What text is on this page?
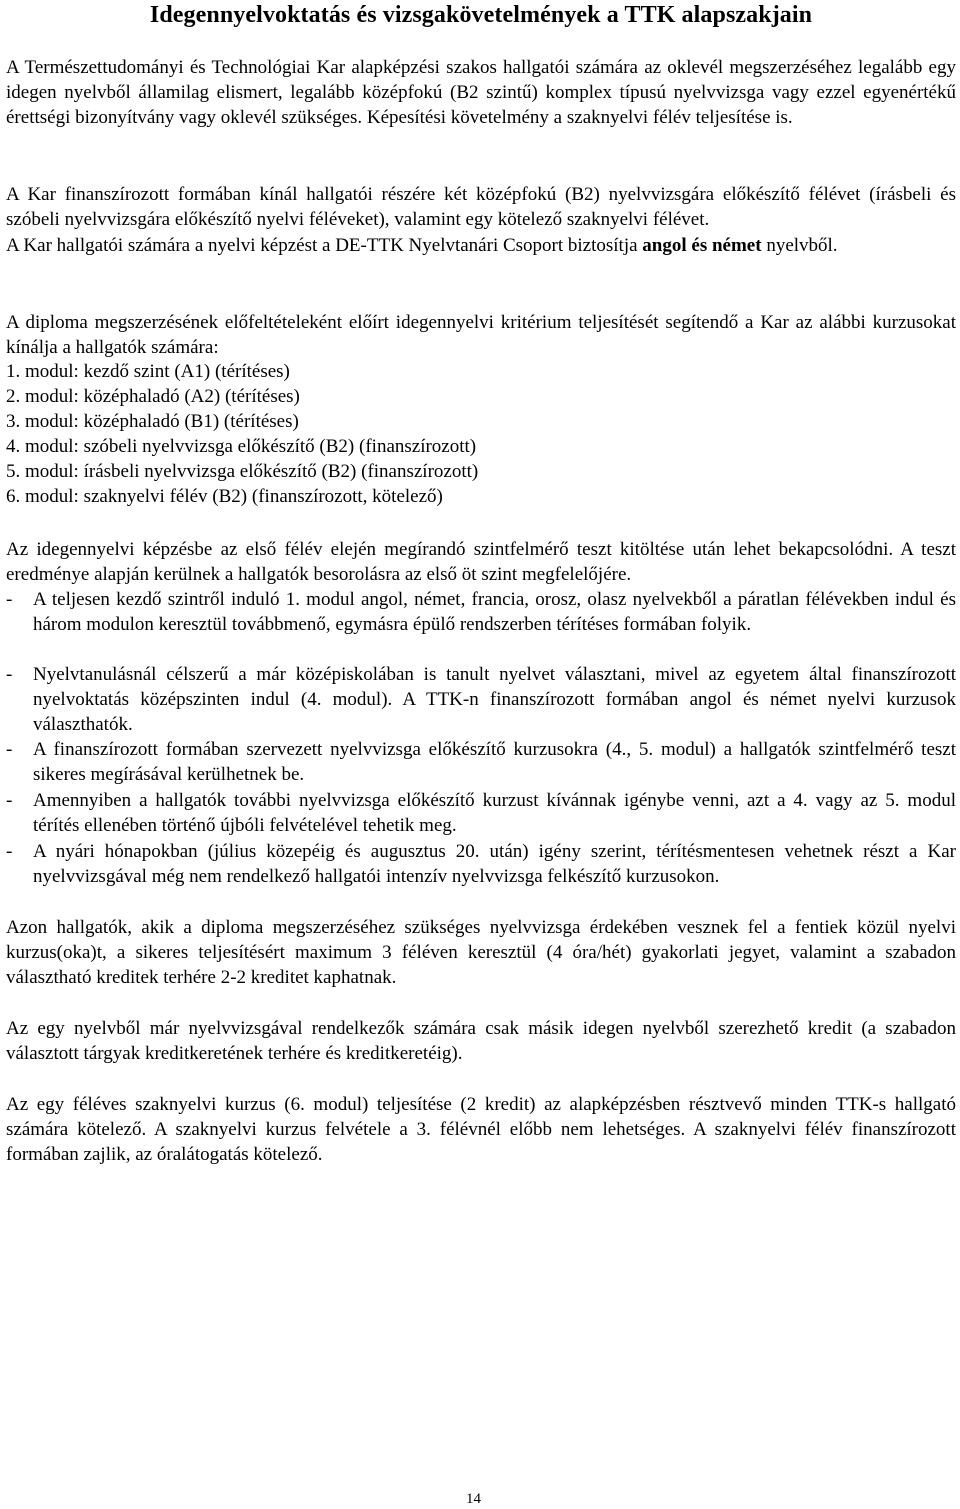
Idegennyelvoktatás és vizsgakövetelmények a TTK alapszakjain

A Természettudományi és Technológiai Kar alapképzési szakos hallgatói számára az oklevél megszerzéséhez legalább egy idegen nyelvből államilag elismert, legalább középfokú (B2 szintű) komplex típusú nyelvvizsga vagy ezzel egyenértékű érettségi bizonyítvány vagy oklevél szükséges. Képesítési követelmény a szaknyelvi félév teljesítése is.

A Kar finanszírozott formában kínál hallgatói részére két középfokú (B2) nyelvvizsgára előkészítő félévet (írásbeli és szóbeli nyelvvizsgára előkészítő nyelvi féléveket), valamint egy kötelező szaknyelvi félévet.

A Kar hallgatói számára a nyelvi képzést a DE-TTK Nyelvtanári Csoport biztosítja angol és német nyelvből.

A diploma megszerzésének előfeltételeként előírt idegennyelvi kritérium teljesítését segítendő a Kar az alábbi kurzusokat kínálja a hallgatók számára:

1. modul: kezdő szint (A1) (térítéses)
2. modul: középhaladó (A2) (térítéses)
3. modul: középhaladó (B1) (térítéses)
4. modul: szóbeli nyelvvizsga előkészítő (B2) (finanszírozott)
5. modul: írásbeli nyelvvizsga előkészítő (B2) (finanszírozott)
6. modul: szaknyelvi félév (B2) (finanszírozott, kötelező)

Az idegennyelvi képzésbe az első félév elején megírandó szintfelmérő teszt kitöltése után lehet bekapcsolódni. A teszt eredménye alapján kerülnek a hallgatók besorolásra az első öt szint megfelelőjére.

- A teljesen kezdő szintről induló 1. modul angol, német, francia, orosz, olasz nyelvekből a páratlan félévekben indul és három modulon keresztül továbbmenő, egymásra épülő rendszerben térítéses formában folyik.

- Nyelvtanulásnál célszerű a már középiskolában is tanult nyelvet választani, mivel az egyetem által finanszírozott nyelvoktatás középszinten indul (4. modul). A TTK-n finanszírozott formában angol és német nyelvi kurzusok választhatók.

- A finanszírozott formában szervezett nyelvvizsga előkészítő kurzusokra (4., 5. modul) a hallgatók szintfelmérő teszt sikeres megírásával kerülhetnek be.

- Amennyiben a hallgatók további nyelvvizsga előkészítő kurzust kívánnak igénybe venni, azt a 4. vagy az 5. modul térítés ellenében történő újbóli felvételével tehetik meg.

- A nyári hónapokban (július közepéig és augusztus 20. után) igény szerint, térítésmentesen vehetnek részt a Kar nyelvvizsgával még nem rendelkező hallgatói intenzív nyelvvizsga felkészítő kurzusokon.

Azon hallgatók, akik a diploma megszerzéséhez szükséges nyelvvizsga érdekében vesznek fel a fentiek közül nyelvi kurzus(oka)t, a sikeres teljesítésért maximum 3 féléven keresztül (4 óra/hét) gyakorlati jegyet, valamint a szabadon választható kreditek terhére 2-2 kreditet kaphatnak.

Az egy nyelvből már nyelvvizsgával rendelkezők számára csak másik idegen nyelvből szerezhető kredit (a szabadon választott tárgyak kreditkeretének terhére és kreditkeretéig).

Az egy féléves szaknyelvi kurzus (6. modul) teljesítése (2 kredit) az alapképzésben résztvevő minden TTK-s hallgató számára kötelező. A szaknyelvi kurzus felvétele a 3. félévnél előbb nem lehetséges. A szaknyelvi félév finanszírozott formában zajlik, az óralátogatás kötelező.

14
